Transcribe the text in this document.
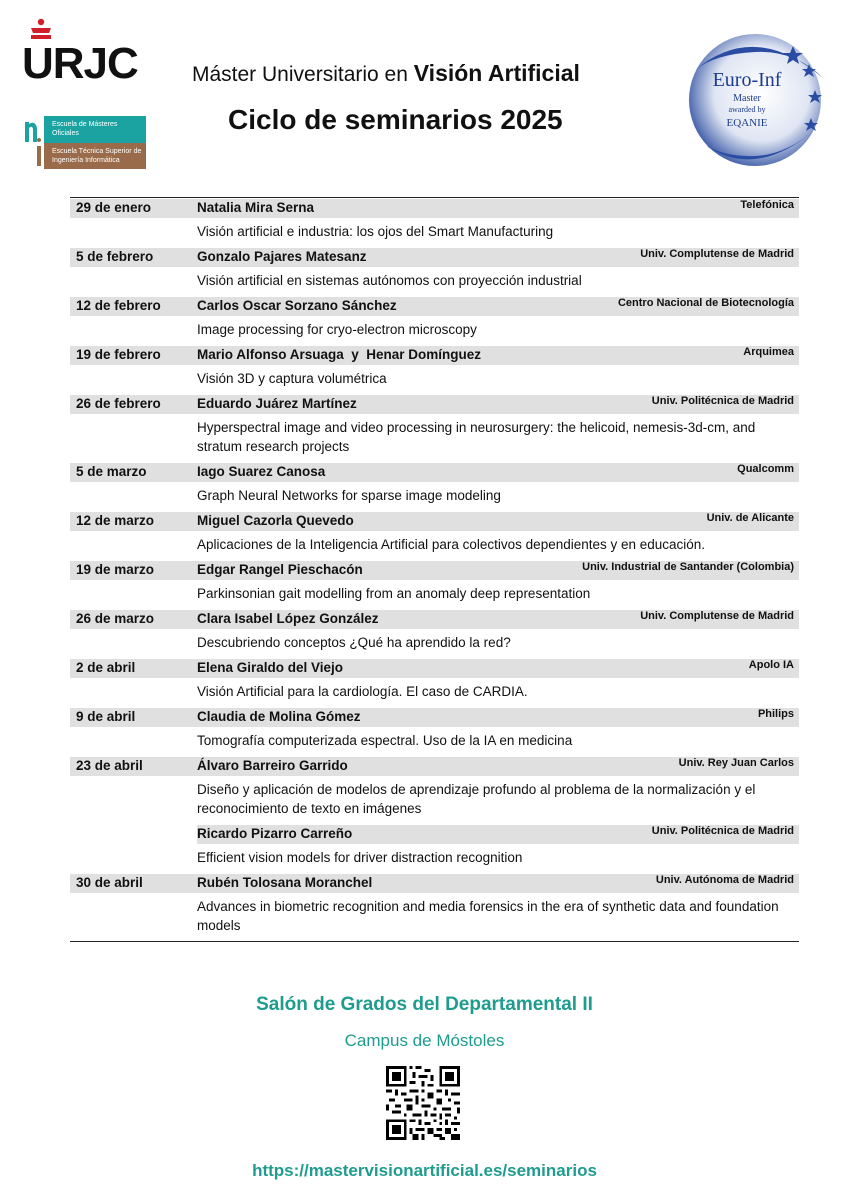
URJC
Escuela de Másteres Oficiales
Escuela Técnica Superior de Ingeniería Informática
Máster Universitario en Visión Artificial
Ciclo de seminarios 2025
Euro-Inf
Master
awarded by
EQANIE
29 de enero	Natalia Mira Serna	Telefónica
Visión artificial e industria: los ojos del Smart Manufacturing
5 de febrero	Gonzalo Pajares Matesanz	Univ. Complutense de Madrid
Visión artificial en sistemas autónomos con proyección industrial
12 de febrero	Carlos Oscar Sorzano Sánchez	Centro Nacional de Biotecnología
Image processing for cryo-electron microscopy
19 de febrero	Mario Alfonso Arsuaga  y  Henar Domínguez	Arquimea
Visión 3D y captura volumétrica
26 de febrero	Eduardo Juárez Martínez	Univ. Politécnica de Madrid
Hyperspectral image and video processing in neurosurgery: the helicoid, nemesis-3d-cm, and stratum research projects
5 de marzo	Iago Suarez Canosa	Qualcomm
Graph Neural Networks for sparse image modeling
12 de marzo	Miguel Cazorla Quevedo	Univ. de Alicante
Aplicaciones de la Inteligencia Artificial para colectivos dependientes y en educación.
19 de marzo	Edgar Rangel Pieschacón	Univ. Industrial de Santander (Colombia)
Parkinsonian gait modelling from an anomaly deep representation
26 de marzo	Clara Isabel López González	Univ. Complutense de Madrid
Descubriendo conceptos ¿Qué ha aprendido la red?
2 de abril	Elena Giraldo del Viejo	Apolo IA
Visión Artificial para la cardiología. El caso de CARDIA.
9 de abril	Claudia de Molina Gómez	Philips
Tomografía computerizada espectral. Uso de la IA en medicina
23 de abril	Álvaro Barreiro Garrido	Univ. Rey Juan Carlos
Diseño y aplicación de modelos de aprendizaje profundo al problema de la normalización y el reconocimiento de texto en imágenes
Ricardo Pizarro Carreño	Univ. Politécnica de Madrid
Efficient vision models for driver distraction recognition
30 de abril	Rubén Tolosana Moranchel	Univ. Autónoma de Madrid
Advances in biometric recognition and media forensics in the era of synthetic data and foundation models
Salón de Grados del Departamental II
Campus de Móstoles
https://mastervisionartificial.es/seminarios
